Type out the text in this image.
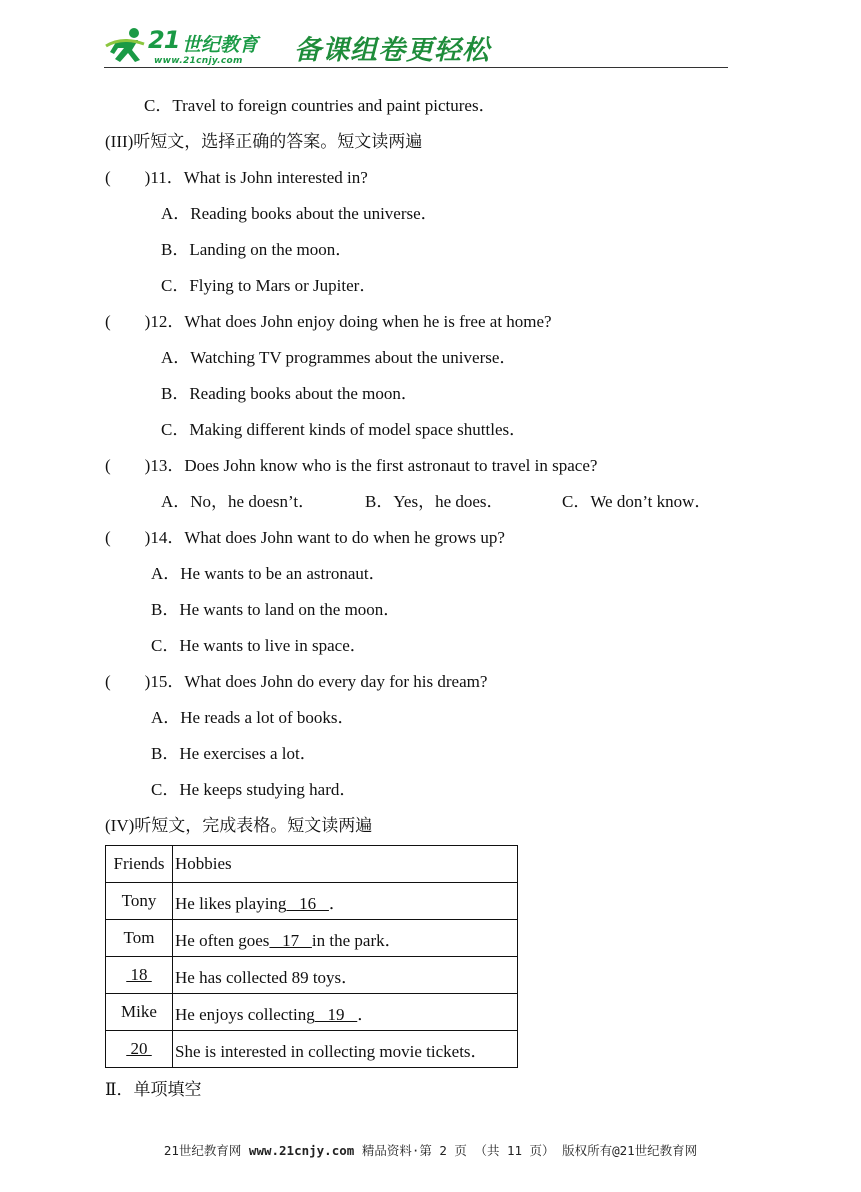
21 世纪教育
www.21cnjy.com 备课组卷更轻松
C．Travel to foreign countries and paint pictures．
(III)听短文，选择正确的答案。短文读两遍
(　　)11．What is John interested in?
A．Reading books about the universe．
B．Landing on the moon．
C．Flying to Mars or Jupiter．
(　　)12．What does John enjoy doing when he is free at home?
A．Watching TV programmes about the universe．
B．Reading books about the moon．
C．Making different kinds of model space shuttles．
(　　)13．Does John know who is the first astronaut to travel in space?
A．No，he doesn’t．	B．Yes，he does．	C．We don’t know．
(　　)14．What does John want to do when he grows up?
A．He wants to be an astronaut．
B．He wants to land on the moon．
C．He wants to live in space．
(　　)15．What does John do every day for his dream?
A．He reads a lot of books．
B．He exercises a lot．
C．He keeps studying hard．
(IV)听短文，完成表格。短文读两遍
Friends	Hobbies
Tony	He likes playing   16   ．
Tom	He often goes   17   in the park．
18	He has collected 89 toys．
Mike	He enjoys collecting   19   ．
20	She is interested in collecting movie tickets．
Ⅱ．单项填空
21世纪教育网 www.21cnjy.com 精品资料·第 2 页 （共 11 页） 版权所有@21世纪教育网
